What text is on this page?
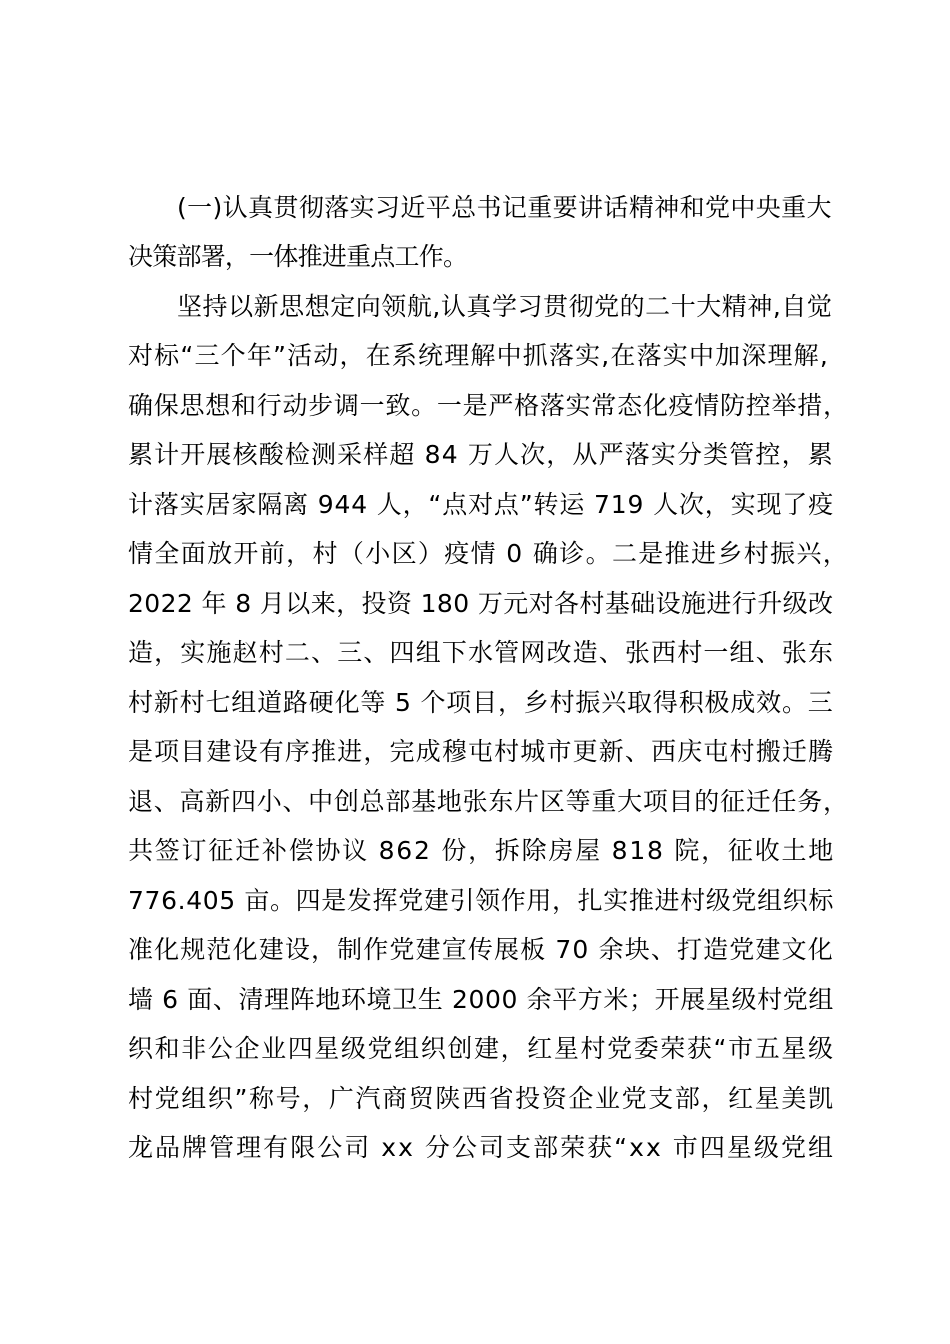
(一)认真贯彻落实习近平总书记重要讲话精神和党中央重大
决策部署，一体推进重点工作。
坚持以新思想定向领航,认真学习贯彻党的二十大精神,自觉
对标“三个年”活动，在系统理解中抓落实,在落实中加深理解,
确保思想和行动步调一致。一是严格落实常态化疫情防控举措，
累计开展核酸检测采样超 84 万人次，从严落实分类管控，累
计落实居家隔离 944 人，“点对点”转运 719 人次，实现了疫
情全面放开前，村（小区）疫情 0 确诊。二是推进乡村振兴，
2022 年 8 月以来，投资 180 万元对各村基础设施进行升级改
造，实施赵村二、三、四组下水管网改造、张西村一组、张东
村新村七组道路硬化等 5 个项目，乡村振兴取得积极成效。三
是项目建设有序推进，完成穆屯村城市更新、西庆屯村搬迁腾
退、高新四小、中创总部基地张东片区等重大项目的征迁任务，
共签订征迁补偿协议 862 份，拆除房屋 818 院，征收土地
776.405 亩。四是发挥党建引领作用，扎实推进村级党组织标
准化规范化建设，制作党建宣传展板 70 余块、打造党建文化
墙 6 面、清理阵地环境卫生 2000 余平方米；开展星级村党组
织和非公企业四星级党组织创建，红星村党委荣获“市五星级
村党组织”称号，广汽商贸陕西省投资企业党支部，红星美凯
龙品牌管理有限公司 xx 分公司支部荣获“xx 市四星级党组
